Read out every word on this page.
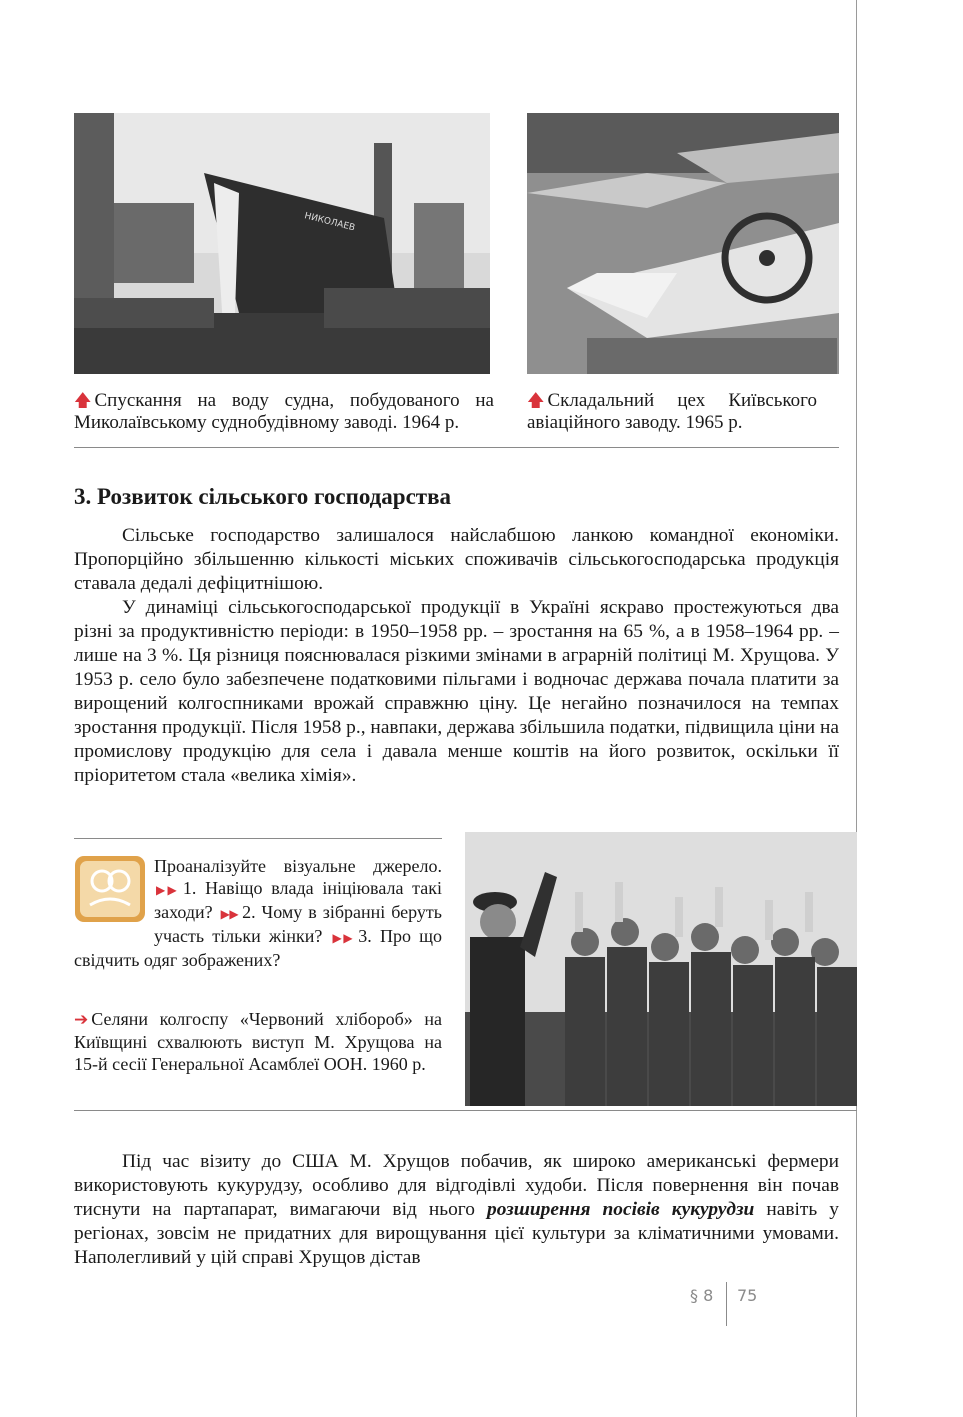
НИКОЛАЕВ
🡅 Спускання на воду судна, побудованого на Миколаївському суднобудівному заводі. 1964 р.
🡅 Складальний цех Київського авіаційного заводу. 1965 р.
3. Розвиток сільського господарства

Сільське господарство залишалося найслабшою ланкою командної економіки. Пропорційно збільшенню кількості міських споживачів сільськогосподарська продукція ставала дедалі дефіцитнішою.

У динаміці сільськогосподарської продукції в Україні яскраво простежуються два різні за продуктивністю періоди: в 1950–1958 рр. – зростання на 65 %, а в 1958–1964 рр. – лише на 3 %. Ця різниця пояснювалася різкими змінами в аграрній політиці М. Хрущова. У 1953 р. село було забезпечене податковими пільгами і водночас держава почала платити за вирощений колгоспниками врожай справжню ціну. Це негайно позначилося на темпах зростання продукції. Після 1958 р., навпаки, держава збільшила податки, підвищила ціни на промислову продукцію для села і давала менше коштів на його розвиток, оскільки її пріоритетом стала «велика хімія».

Проаналізуйте візуальне джерело. ▶▶ 1. Навіщо влада ініціювала такі заходи? ▶▶ 2. Чому в зібранні беруть участь тільки жінки? ▶▶ 3. Про що свідчить одяг зображених?
➔ Селяни колгоспу «Червоний хлібороб» на Київщині схвалюють виступ М. Хрущова на 15-й сесії Генеральної Асамблеї ООН. 1960 р.

Під час візиту до США М. Хрущов побачив, як широко американські фермери використовують кукурудзу, особливо для відгодівлі худоби. Після повернення він почав тиснути на партапарат, вимагаючи від нього розширення посівів кукурудзи навіть у регіонах, зовсім не придатних для вирощування цієї культури за кліматичними умовами. Наполегливий у цій справі Хрущов дістав

§ 8 75
